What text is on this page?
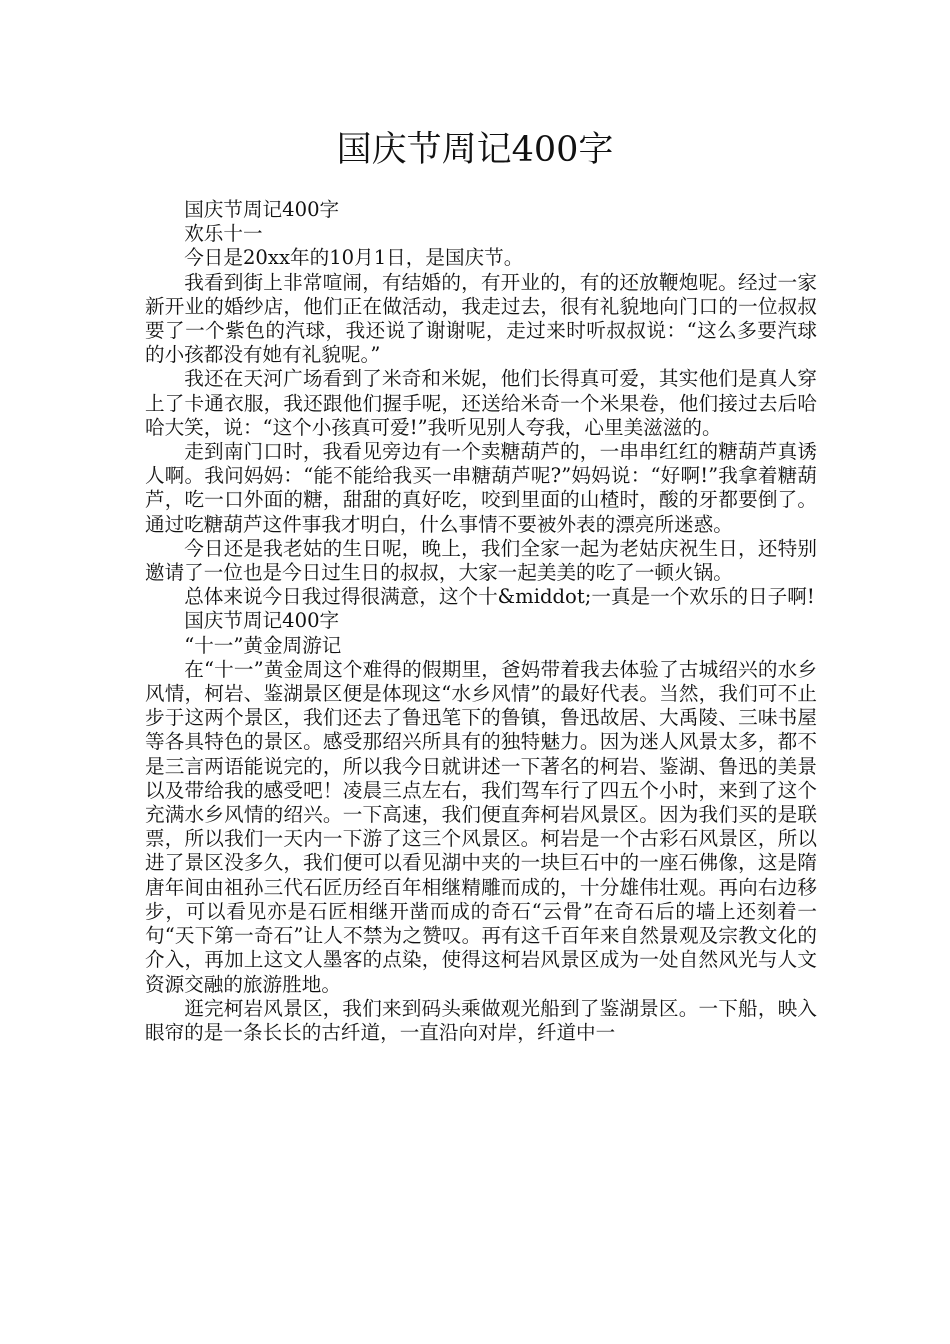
国庆节周记400字

国庆节周记400字

欢乐十一

今日是20xx年的10月1日，是国庆节。

我看到街上非常喧闹，有结婚的，有开业的，有的还放鞭炮呢。经过一家新开业的婚纱店，他们正在做活动，我走过去，很有礼貌地向门口的一位叔叔要了一个紫色的汽球，我还说了谢谢呢，走过来时听叔叔说：“这么多要汽球的小孩都没有她有礼貌呢。”

我还在天河广场看到了米奇和米妮，他们长得真可爱，其实他们是真人穿上了卡通衣服，我还跟他们握手呢，还送给米奇一个米果卷，他们接过去后哈哈大笑，说：“这个小孩真可爱!”我听见别人夸我，心里美滋滋的。

走到南门口时，我看见旁边有一个卖糖葫芦的，一串串红红的糖葫芦真诱人啊。我问妈妈：“能不能给我买一串糖葫芦呢?”妈妈说：“好啊!”我拿着糖葫芦，吃一口外面的糖，甜甜的真好吃，咬到里面的山楂时，酸的牙都要倒了。通过吃糖葫芦这件事我才明白，什么事情不要被外表的漂亮所迷惑。

今日还是我老姑的生日呢，晚上，我们全家一起为老姑庆祝生日，还特别邀请了一位也是今日过生日的叔叔，大家一起美美的吃了一顿火锅。

总体来说今日我过得很满意，这个十&middot;一真是一个欢乐的日子啊!

国庆节周记400字

“十一”黄金周游记

在“十一”黄金周这个难得的假期里，爸妈带着我去体验了古城绍兴的水乡风情，柯岩、鉴湖景区便是体现这“水乡风情”的最好代表。当然，我们可不止步于这两个景区，我们还去了鲁迅笔下的鲁镇，鲁迅故居、大禹陵、三味书屋等各具特色的景区。感受那绍兴所具有的独特魅力。因为迷人风景太多，都不是三言两语能说完的，所以我今日就讲述一下著名的柯岩、鉴湖、鲁迅的美景以及带给我的感受吧！凌晨三点左右，我们驾车行了四五个小时，来到了这个充满水乡风情的绍兴。一下高速，我们便直奔柯岩风景区。因为我们买的是联票，所以我们一天内一下游了这三个风景区。柯岩是一个古彩石风景区，所以进了景区没多久，我们便可以看见湖中夹的一块巨石中的一座石佛像，这是隋唐年间由祖孙三代石匠历经百年相继精雕而成的，十分雄伟壮观。再向右边移步，可以看见亦是石匠相继开凿而成的奇石“云骨”在奇石后的墙上还刻着一句“天下第一奇石”让人不禁为之赞叹。再有这千百年来自然景观及宗教文化的介入，再加上这文人墨客的点染，使得这柯岩风景区成为一处自然风光与人文资源交融的旅游胜地。

逛完柯岩风景区，我们来到码头乘做观光船到了鉴湖景区。一下船，映入眼帘的是一条长长的古纤道，一直沿向对岸，纤道中一
